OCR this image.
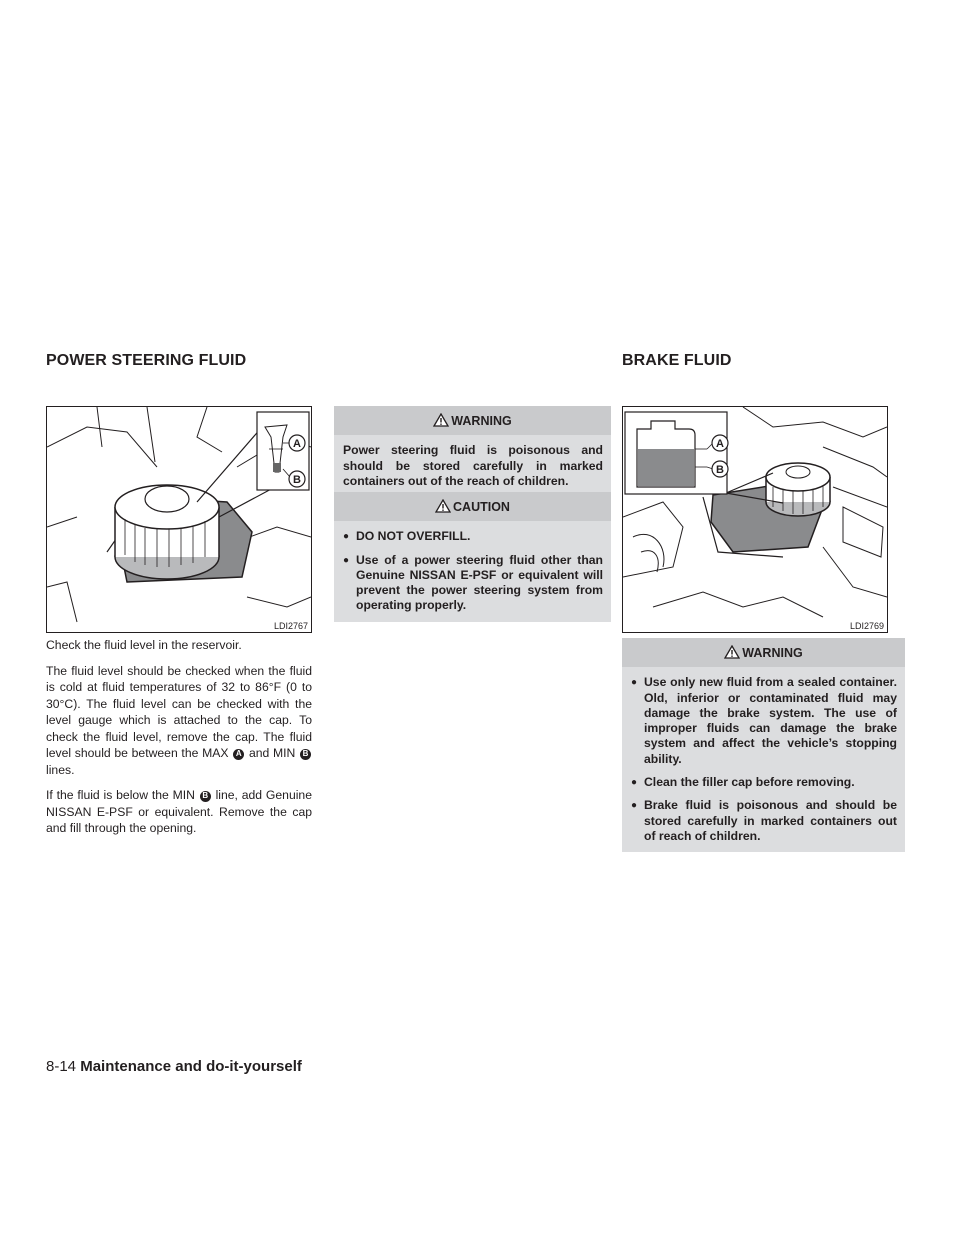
POWER STEERING FLUID	BRAKE FLUID
A
B
LDI2767
A
B
LDI2769

Check the fluid level in the reservoir.

The fluid level should be checked when the fluid is cold at fluid temperatures of 32 to 86°F (0 to 30°C). The fluid level can be checked with the level gauge which is attached to the cap. To check the fluid level, remove the cap. The fluid level should be between the MAX A and MIN B lines.

If the fluid is below the MIN B line, add Genuine NISSAN E-PSF or equivalent. Remove the cap and fill through the opening.

WARNING
Power steering fluid is poisonous and should be stored carefully in marked containers out of the reach of children.
CAUTION
● DO NOT OVERFILL.
● Use of a power steering fluid other than Genuine NISSAN E-PSF or equivalent will prevent the power steering system from operating properly.
WARNING
● Use only new fluid from a sealed container. Old, inferior or contaminated fluid may damage the brake system. The use of improper fluids can damage the brake system and affect the vehicle’s stopping ability.
● Clean the filler cap before removing.
● Brake fluid is poisonous and should be stored carefully in marked containers out of reach of children.
8-14 Maintenance and do-it-yourself
